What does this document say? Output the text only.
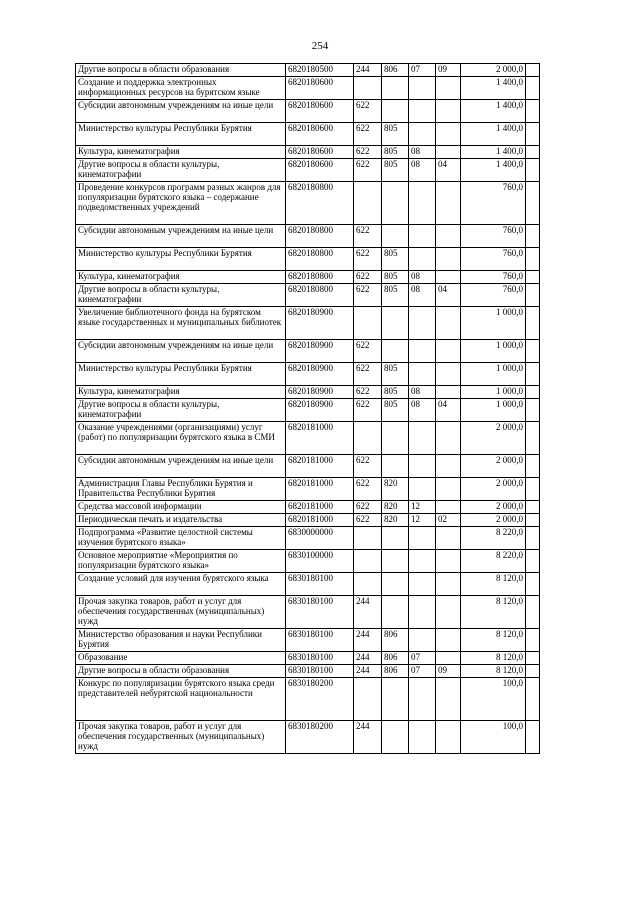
254
Другие вопросы в области образования	6820180500	244	806	07	09	2 000,0	
Создание и поддержка электронных информационных ресурсов на бурятском языке	6820180600					1 400,0	
Субсидии автономным учреждениям на иные цели	6820180600	622				1 400,0	
Министерство культуры Республики Бурятия	6820180600	622	805			1 400,0	
Культура, кинематография	6820180600	622	805	08		1 400,0	
Другие вопросы в области культуры, кинематографии	6820180600	622	805	08	04	1 400,0	
Проведение конкурсов программ разных жанров для популяризации бурятского языка – содержание подведомственных учреждений	6820180800					760,0	
Субсидии автономным учреждениям на иные цели	6820180800	622				760,0	
Министерство культуры Республики Бурятия	6820180800	622	805			760,0	
Культура, кинематография	6820180800	622	805	08		760,0	
Другие вопросы в области культуры, кинематографии	6820180800	622	805	08	04	760,0	
Увеличение библиотечного фонда на бурятском языке государственных и муниципальных библиотек	6820180900					1 000,0	
Субсидии автономным учреждениям на иные цели	6820180900	622				1 000,0	
Министерство культуры Республики Бурятия	6820180900	622	805			1 000,0	
Культура, кинематография	6820180900	622	805	08		1 000,0	
Другие вопросы в области культуры, кинематографии	6820180900	622	805	08	04	1 000,0	
Оказание учреждениями (организациями) услуг (работ) по популяризации бурятского языка в СМИ	6820181000					2 000,0	
Субсидии автономным учреждениям на иные цели	6820181000	622				2 000,0	
Администрация Главы Республики Бурятия и Правительства Республики Бурятия	6820181000	622	820			2 000,0	
Средства массовой информации	6820181000	622	820	12		2 000,0	
Периодическая печать и издательства	6820181000	622	820	12	02	2 000,0	
Подпрограмма «Развитие целостной системы изучения бурятского языка»	6830000000					8 220,0	
Основное мероприятие «Мероприятия по популяризации бурятского языка»	6830100000					8 220,0	
Создание условий для изучения бурятского языка	6830180100					8 120,0	
Прочая закупка товаров, работ и услуг для обеспечения государственных (муниципальных) нужд	6830180100	244				8 120,0	
Министерство образования и науки Республики Бурятия	6830180100	244	806			8 120,0	
Образование	6830180100	244	806	07		8 120,0	
Другие вопросы в области образования	6830180100	244	806	07	09	8 120,0	
Конкурс по популяризации бурятского языка среди представителей небурятской национальности	6830180200					100,0	
Прочая закупка товаров, работ и услуг для обеспечения государственных (муниципальных) нужд	6830180200	244				100,0	
